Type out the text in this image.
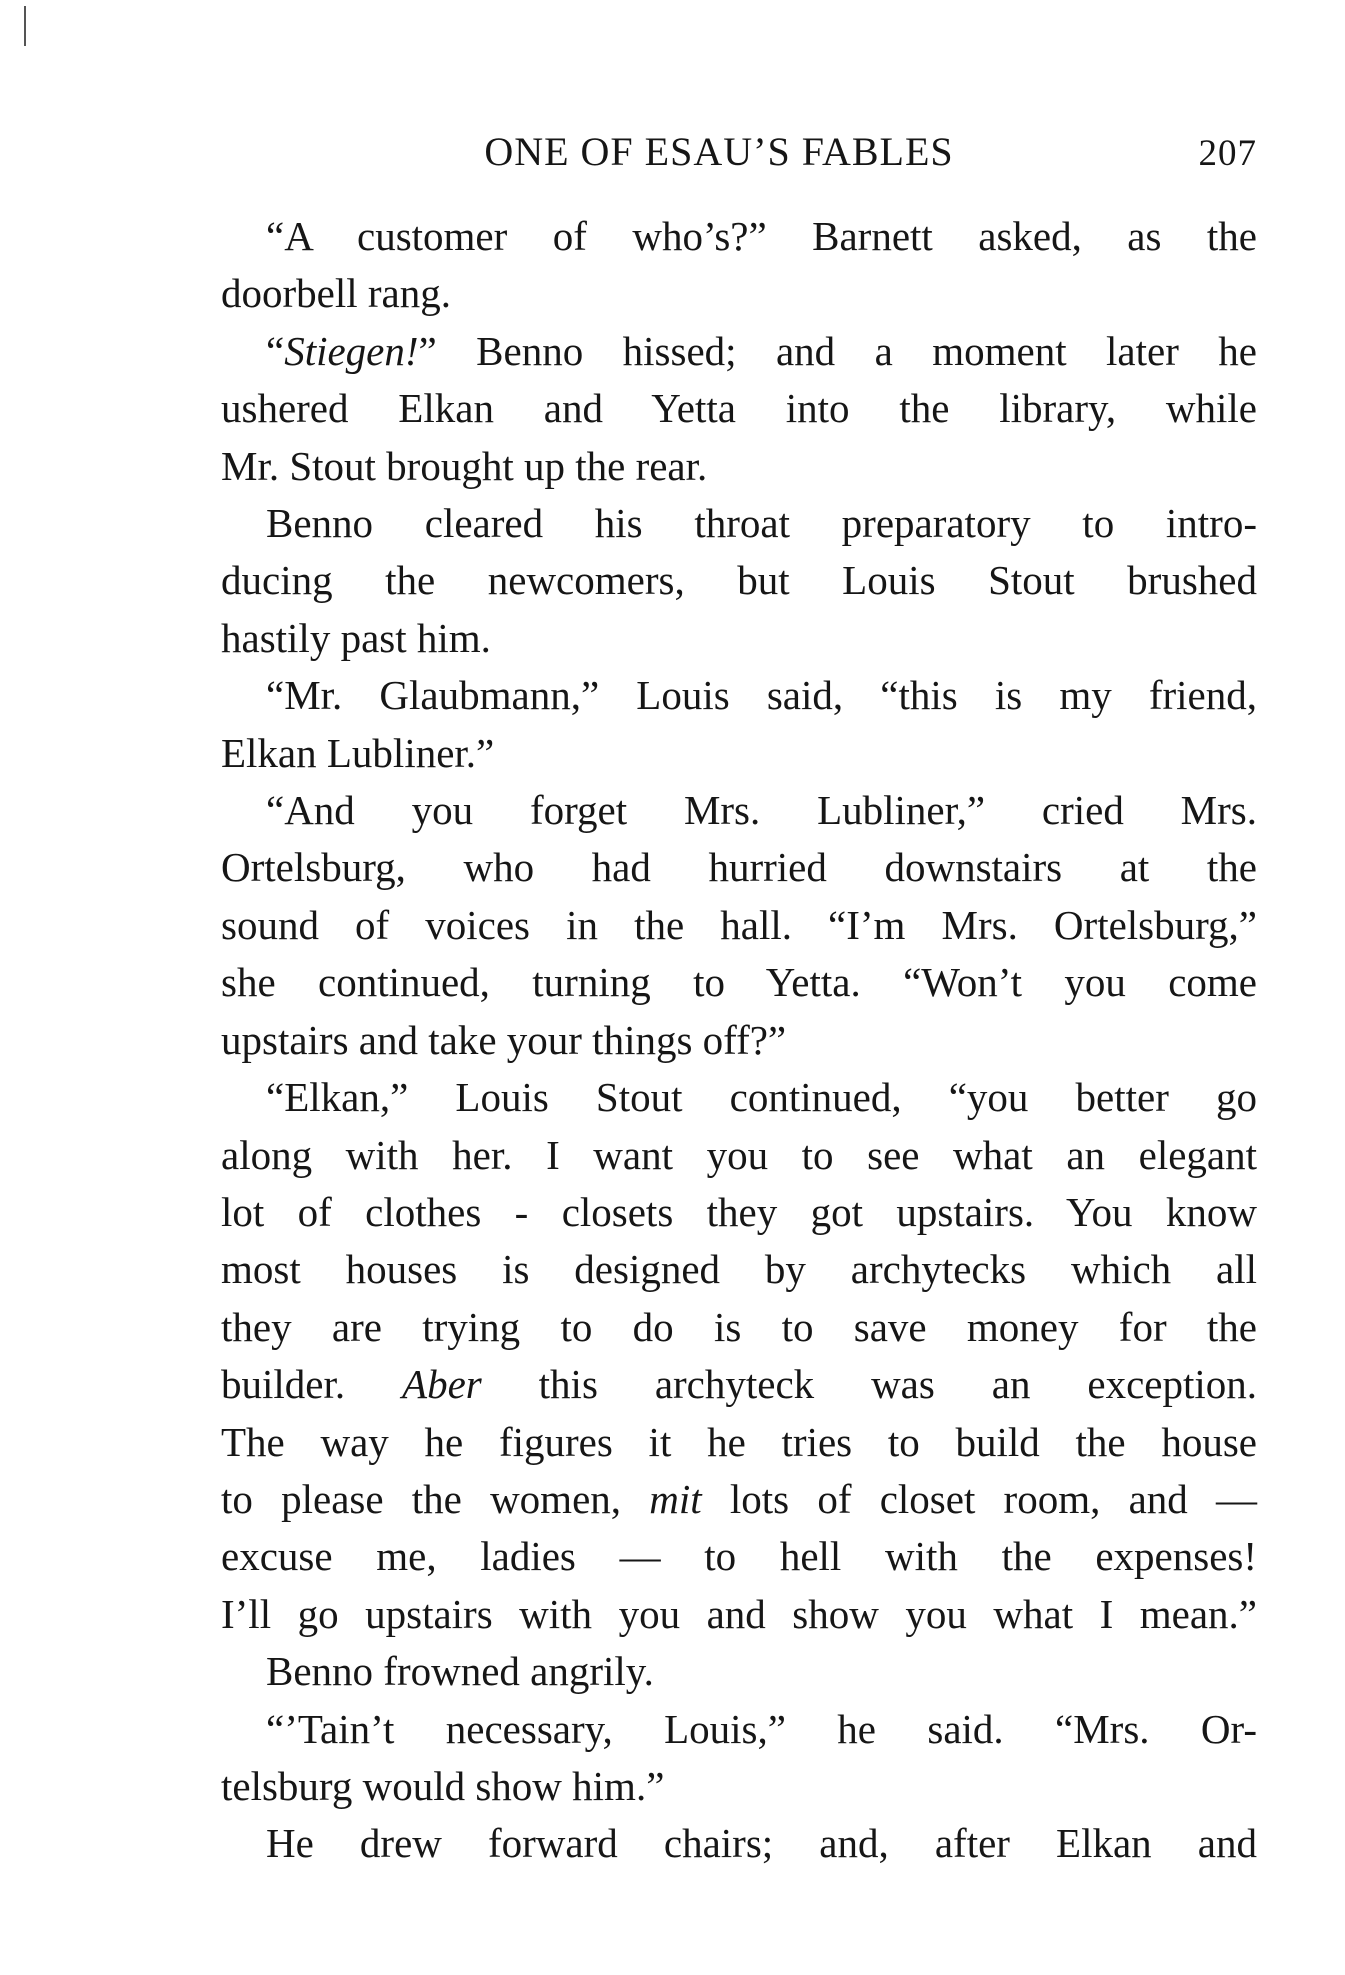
ONE OF ESAU’S FABLES	207
“A customer of who’s?” Barnett asked, as the
doorbell rang.
“Stiegen!” Benno hissed; and a moment later he
ushered Elkan and Yetta into the library, while
Mr. Stout brought up the rear.
Benno cleared his throat preparatory to intro-
ducing the newcomers, but Louis Stout brushed
hastily past him.
“Mr. Glaubmann,” Louis said, “this is my friend,
Elkan Lubliner.”
“And you forget Mrs. Lubliner,” cried Mrs.
Ortelsburg, who had hurried downstairs at the
sound of voices in the hall. “I’m Mrs. Ortelsburg,”
she continued, turning to Yetta. “Won’t you come
upstairs and take your things off?”
“Elkan,” Louis Stout continued, “you better go
along with her. I want you to see what an elegant
lot of clothes - closets they got upstairs. You know
most houses is designed by archytecks which all
they are trying to do is to save money for the
builder. Aber this archyteck was an exception.
The way he figures it he tries to build the house
to please the women, mit lots of closet room, and —
excuse me, ladies — to hell with the expenses!
I’ll go upstairs with you and show you what I mean.”
Benno frowned angrily.
“’Tain’t necessary, Louis,” he said. “Mrs. Or-
telsburg would show him.”
He drew forward chairs; and, after Elkan and
